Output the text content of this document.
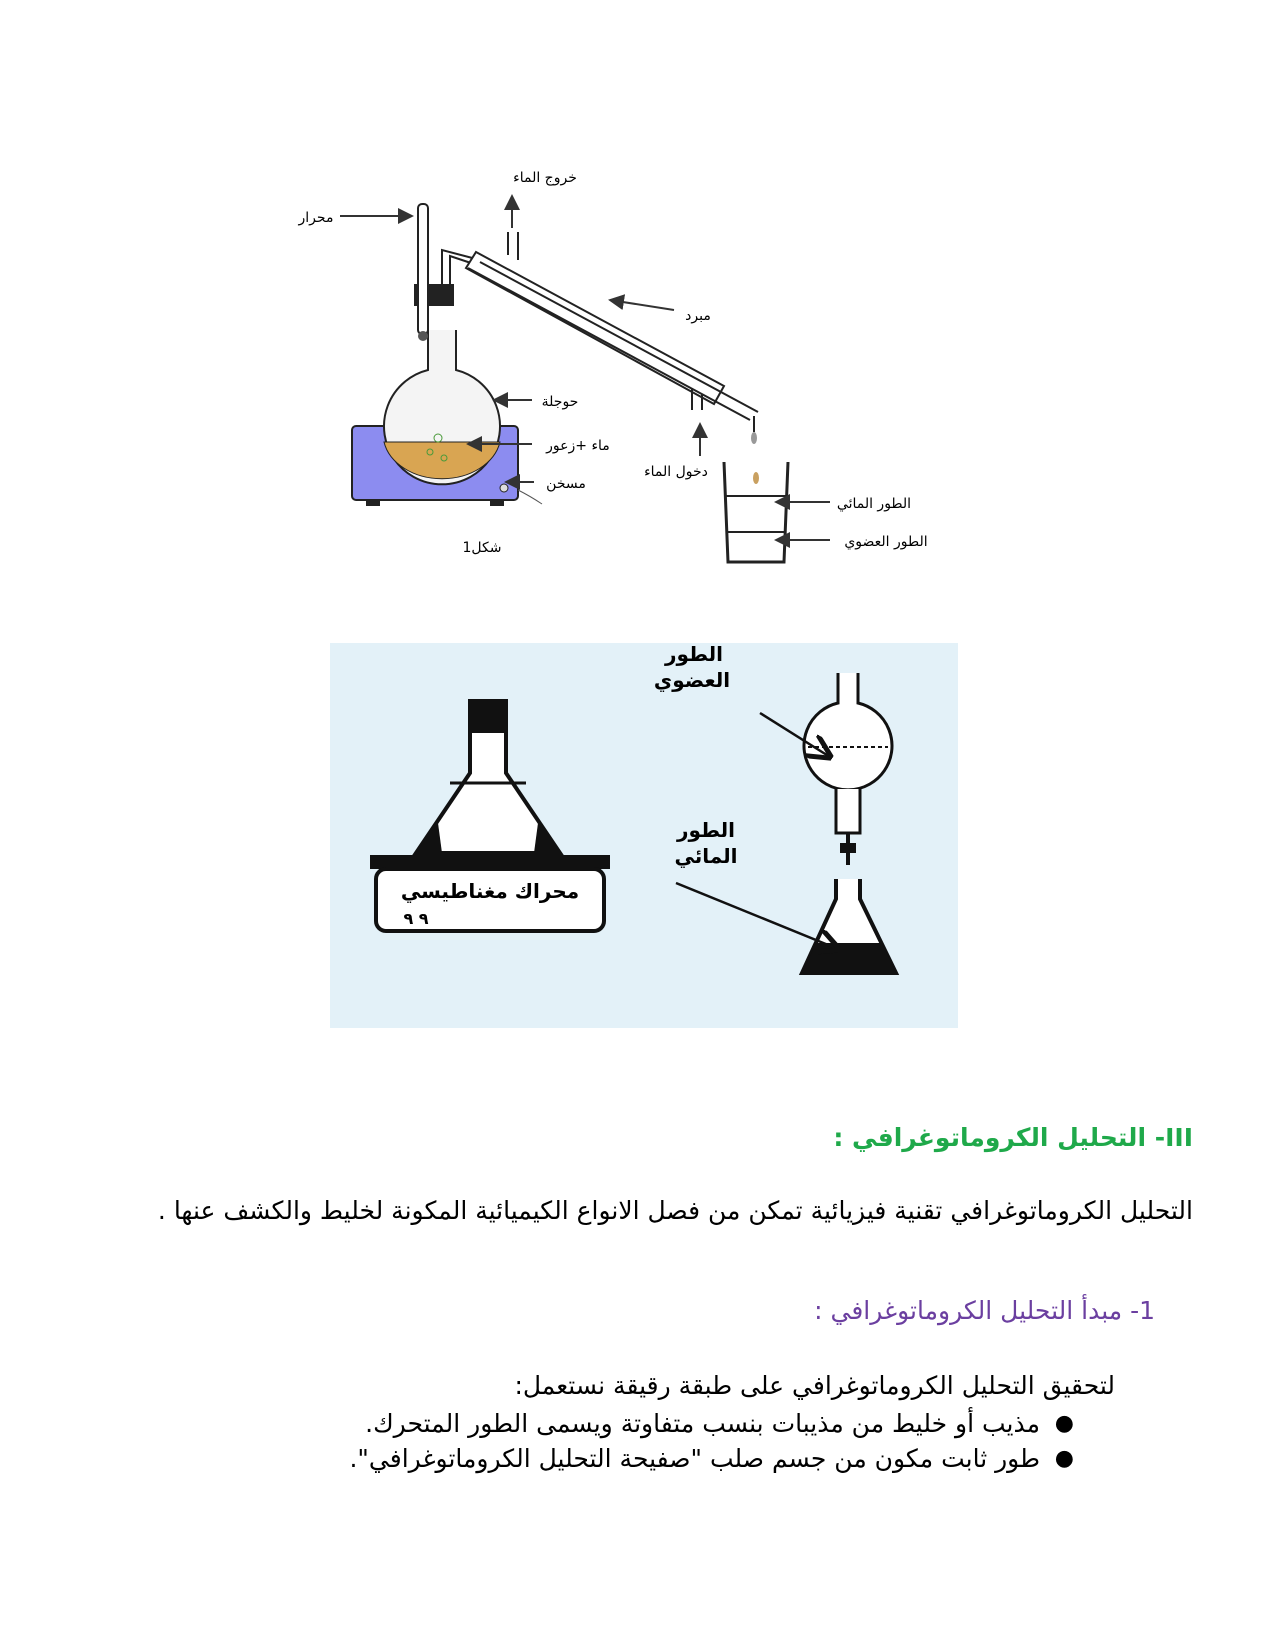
خروج الماء
محرار
مبرد
حوجلة
ماء +زعور
دخول الماء
مسخن
الطور المائي
الطور العضوي
شكل1
محراك مغناطيسي
٩ ٩
الطور
العضوي
الطور
المائي
III- التحليل الكروماتوغرافي :
التحليل الكروماتوغرافي تقنية فيزيائية تمكن من فصل الانواع الكيميائية المكونة لخليط والكشف عنها .
1- مبدأ التحليل الكروماتوغرافي :
لتحقيق التحليل الكروماتوغرافي على طبقة رقيقة نستعمل:
●
مذيب أو خليط من مذيبات بنسب متفاوتة ويسمى الطور المتحرك.
●
طور ثابت مكون من جسم صلب "صفيحة التحليل الكروماتوغرافي".
